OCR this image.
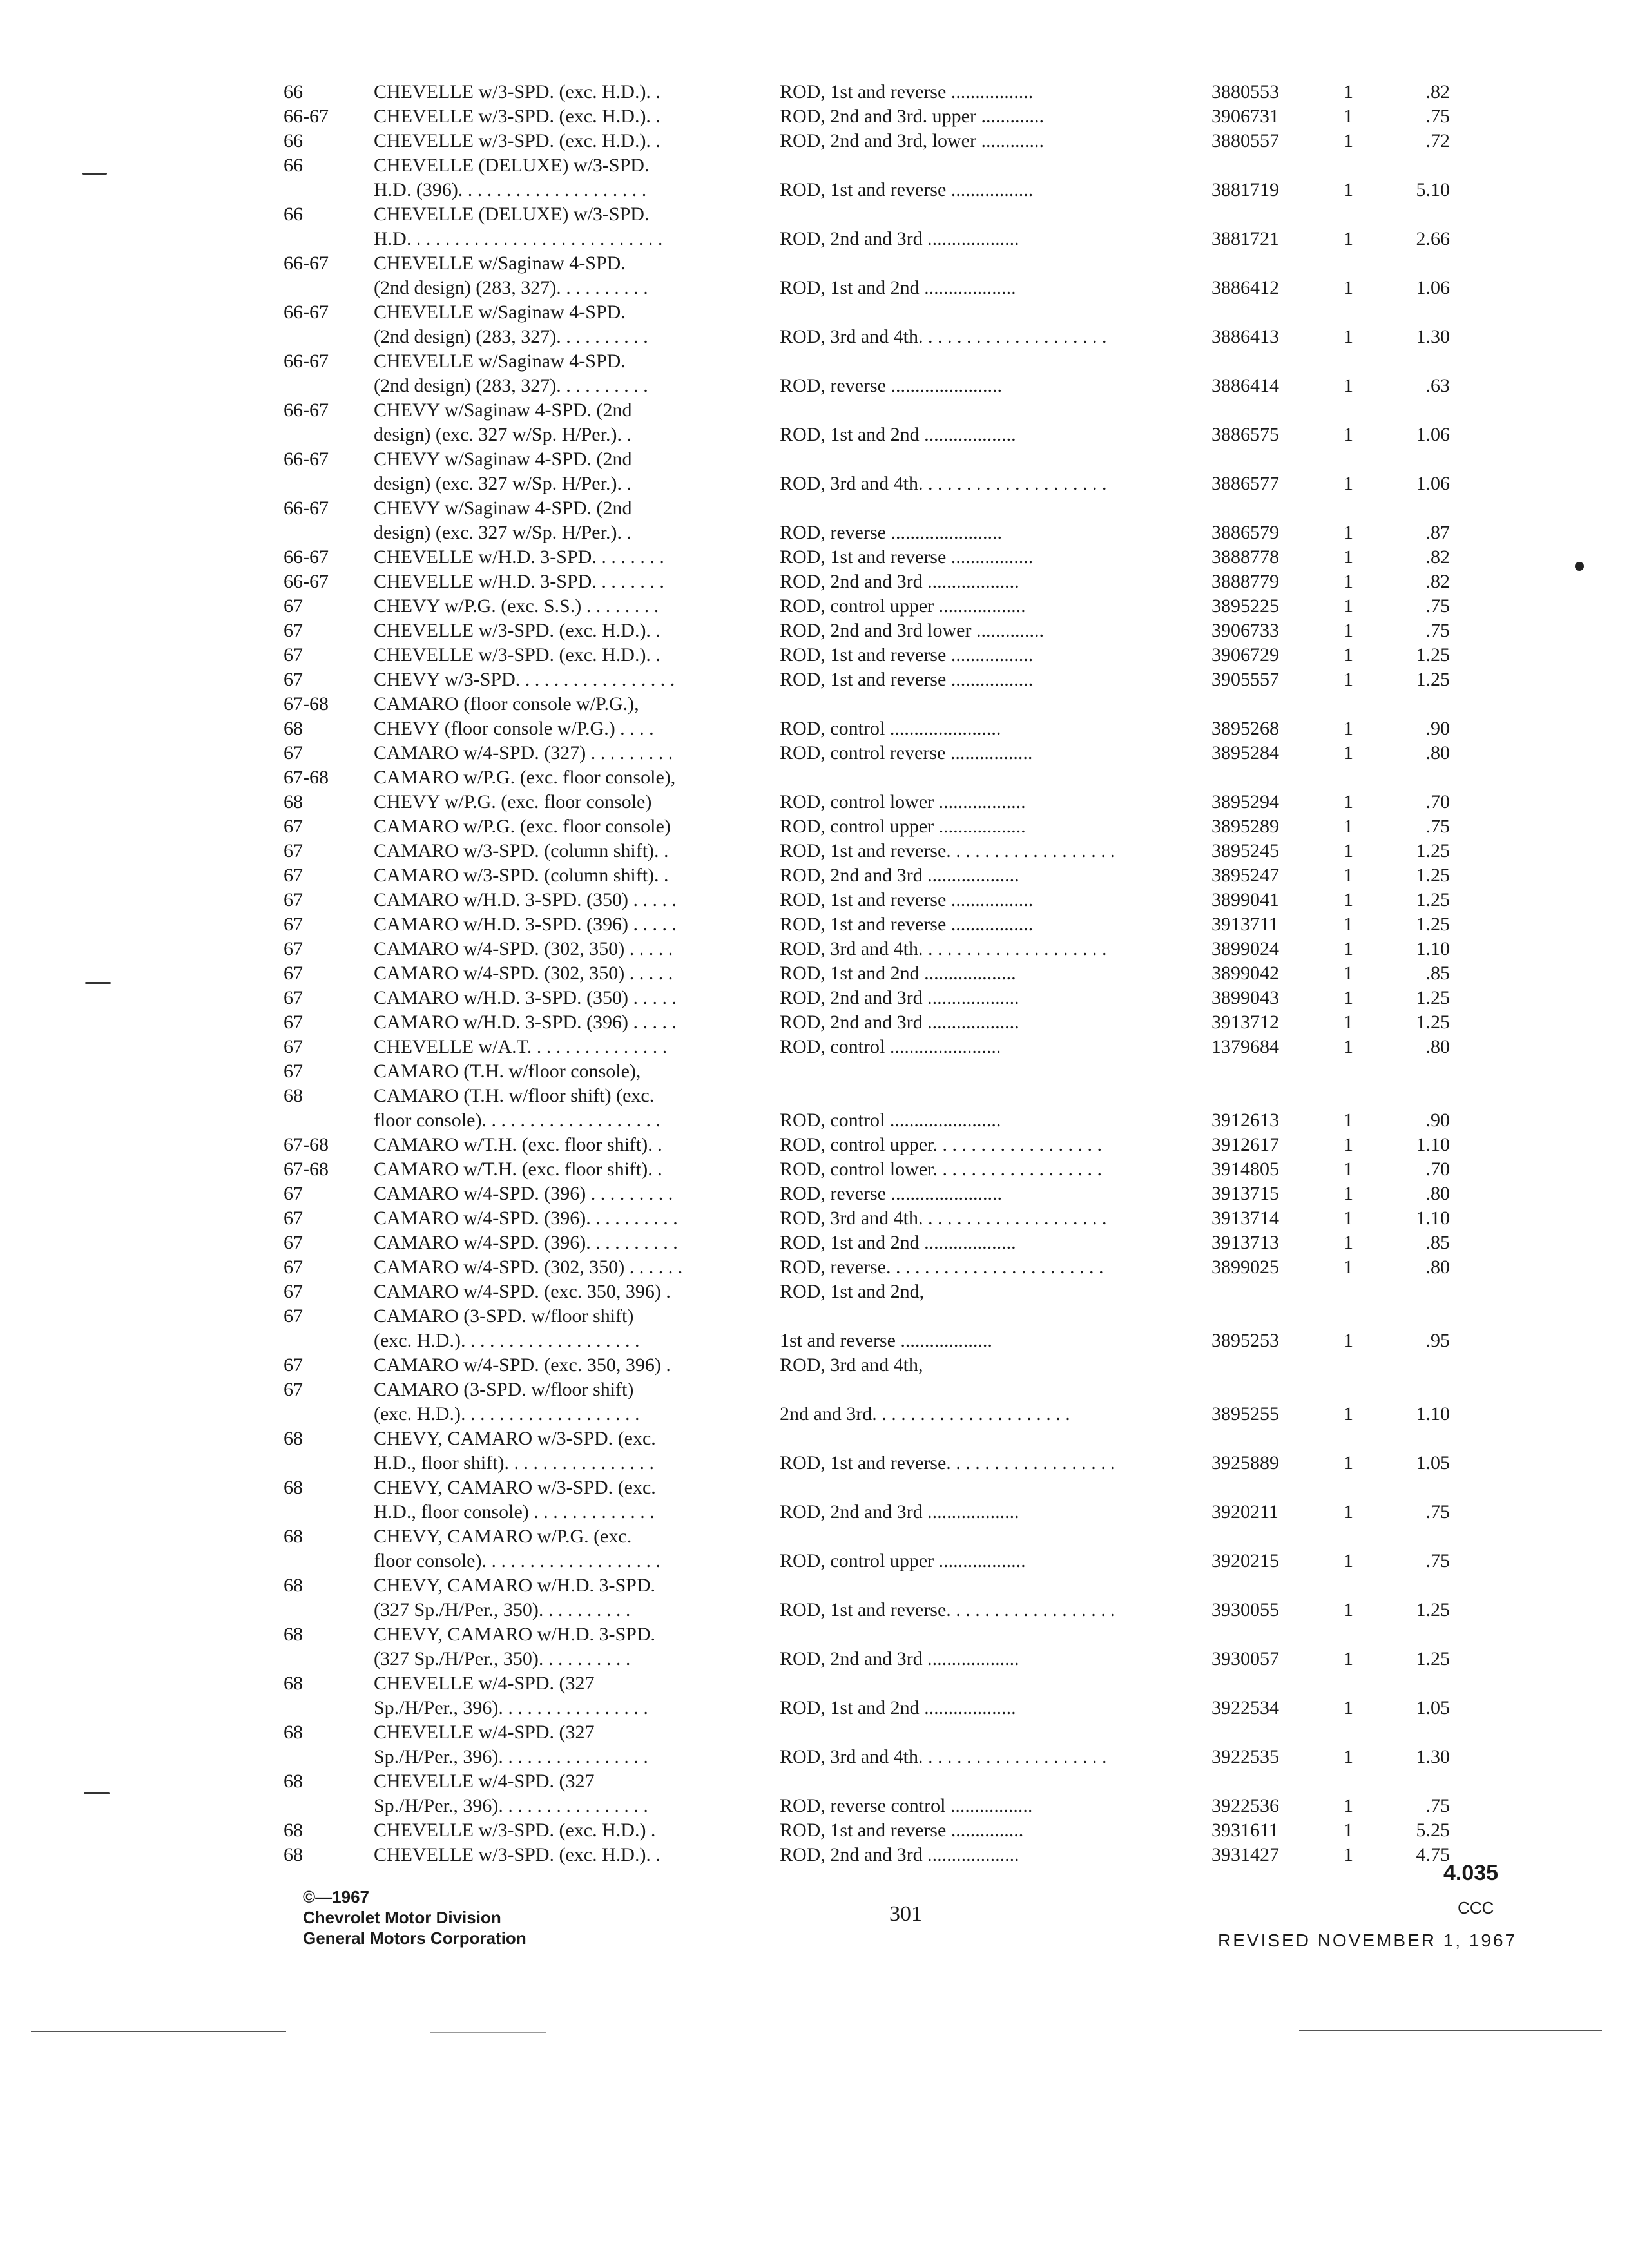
66	CHEVELLE w/3-SPD. (exc. H.D.). .	ROD, 1st and reverse .................	3880553	1	.82
66-67	CHEVELLE w/3-SPD. (exc. H.D.). .	ROD, 2nd and 3rd. upper .............	3906731	1	.75
66	CHEVELLE w/3-SPD. (exc. H.D.). .	ROD, 2nd and 3rd, lower .............	3880557	1	.72
66	CHEVELLE (DELUXE) w/3-SPD.
H.D. (396). . . . . . . . . . . . . . . . . . . .	ROD, 1st and reverse .................	3881719	1	5.10
66	CHEVELLE (DELUXE) w/3-SPD.
H.D. . . . . . . . . . . . . . . . . . . . . . . . . . .	ROD, 2nd and 3rd ...................	3881721	1	2.66
66-67	CHEVELLE w/Saginaw 4-SPD.
(2nd design) (283, 327). . . . . . . . . .	ROD, 1st and 2nd ...................	3886412	1	1.06
66-67	CHEVELLE w/Saginaw 4-SPD.
(2nd design) (283, 327). . . . . . . . . .	ROD, 3rd and 4th. . . . . . . . . . . . . . . . . . . .	3886413	1	1.30
66-67	CHEVELLE w/Saginaw 4-SPD.
(2nd design) (283, 327). . . . . . . . . .	ROD, reverse .......................	3886414	1	.63
66-67	CHEVY w/Saginaw 4-SPD. (2nd
design) (exc. 327 w/Sp. H/Per.). .	ROD, 1st and 2nd ...................	3886575	1	1.06
66-67	CHEVY w/Saginaw 4-SPD. (2nd
design) (exc. 327 w/Sp. H/Per.). .	ROD, 3rd and 4th. . . . . . . . . . . . . . . . . . . .	3886577	1	1.06
66-67	CHEVY w/Saginaw 4-SPD. (2nd
design) (exc. 327 w/Sp. H/Per.). .	ROD, reverse .......................	3886579	1	.87
66-67	CHEVELLE w/H.D. 3-SPD. . . . . . . .	ROD, 1st and reverse .................	3888778	1	.82
66-67	CHEVELLE w/H.D. 3-SPD. . . . . . . .	ROD, 2nd and 3rd ...................	3888779	1	.82
67	CHEVY w/P.G. (exc. S.S.) . . . . . . . .	ROD, control upper ..................	3895225	1	.75
67	CHEVELLE w/3-SPD. (exc. H.D.). .	ROD, 2nd and 3rd lower ..............	3906733	1	.75
67	CHEVELLE w/3-SPD. (exc. H.D.). .	ROD, 1st and reverse .................	3906729	1	1.25
67	CHEVY w/3-SPD. . . . . . . . . . . . . . . . .	ROD, 1st and reverse .................	3905557	1	1.25
67-68	CAMARO (floor console w/P.G.),
68	CHEVY (floor console w/P.G.) . . . .	ROD, control .......................	3895268	1	.90
67	CAMARO w/4-SPD. (327) . . . . . . . . .	ROD, control reverse .................	3895284	1	.80
67-68	CAMARO w/P.G. (exc. floor console),
68	CHEVY w/P.G. (exc. floor console)	ROD, control lower ..................	3895294	1	.70
67	CAMARO w/P.G. (exc. floor console)	ROD, control upper ..................	3895289	1	.75
67	CAMARO w/3-SPD. (column shift). .	ROD, 1st and reverse. . . . . . . . . . . . . . . . . .	3895245	1	1.25
67	CAMARO w/3-SPD. (column shift). .	ROD, 2nd and 3rd ...................	3895247	1	1.25
67	CAMARO w/H.D. 3-SPD. (350) . . . . .	ROD, 1st and reverse .................	3899041	1	1.25
67	CAMARO w/H.D. 3-SPD. (396) . . . . .	ROD, 1st and reverse .................	3913711	1	1.25
67	CAMARO w/4-SPD. (302, 350) . . . . .	ROD, 3rd and 4th. . . . . . . . . . . . . . . . . . . .	3899024	1	1.10
67	CAMARO w/4-SPD. (302, 350) . . . . .	ROD, 1st and 2nd ...................	3899042	1	.85
67	CAMARO w/H.D. 3-SPD. (350) . . . . .	ROD, 2nd and 3rd ...................	3899043	1	1.25
67	CAMARO w/H.D. 3-SPD. (396) . . . . .	ROD, 2nd and 3rd ...................	3913712	1	1.25
67	CHEVELLE w/A.T. . . . . . . . . . . . . . .	ROD, control .......................	1379684	1	.80
67	CAMARO (T.H. w/floor console),
68	CAMARO (T.H. w/floor shift) (exc.
floor console). . . . . . . . . . . . . . . . . . .	ROD, control .......................	3912613	1	.90
67-68	CAMARO w/T.H. (exc. floor shift). .	ROD, control upper. . . . . . . . . . . . . . . . . .	3912617	1	1.10
67-68	CAMARO w/T.H. (exc. floor shift). .	ROD, control lower. . . . . . . . . . . . . . . . . .	3914805	1	.70
67	CAMARO w/4-SPD. (396) . . . . . . . . .	ROD, reverse .......................	3913715	1	.80
67	CAMARO w/4-SPD. (396). . . . . . . . . .	ROD, 3rd and 4th. . . . . . . . . . . . . . . . . . . .	3913714	1	1.10
67	CAMARO w/4-SPD. (396). . . . . . . . . .	ROD, 1st and 2nd ...................	3913713	1	.85
67	CAMARO w/4-SPD. (302, 350) . . . . . .	ROD, reverse. . . . . . . . . . . . . . . . . . . . . . .	3899025	1	.80
67	CAMARO w/4-SPD. (exc. 350, 396) .	ROD, 1st and 2nd,
67	CAMARO (3-SPD. w/floor shift)
(exc. H.D.). . . . . . . . . . . . . . . . . . .	1st and reverse ...................	3895253	1	.95
67	CAMARO w/4-SPD. (exc. 350, 396) .	ROD, 3rd and 4th,
67	CAMARO (3-SPD. w/floor shift)
(exc. H.D.). . . . . . . . . . . . . . . . . . .	2nd and 3rd. . . . . . . . . . . . . . . . . . . . .	3895255	1	1.10
68	CHEVY, CAMARO w/3-SPD. (exc.
H.D., floor shift). . . . . . . . . . . . . . . .	ROD, 1st and reverse. . . . . . . . . . . . . . . . . .	3925889	1	1.05
68	CHEVY, CAMARO w/3-SPD. (exc.
H.D., floor console) . . . . . . . . . . . . .	ROD, 2nd and 3rd ...................	3920211	1	.75
68	CHEVY, CAMARO w/P.G. (exc.
floor console). . . . . . . . . . . . . . . . . . .	ROD, control upper ..................	3920215	1	.75
68	CHEVY, CAMARO w/H.D. 3-SPD.
(327 Sp./H/Per., 350). . . . . . . . . .	ROD, 1st and reverse. . . . . . . . . . . . . . . . . .	3930055	1	1.25
68	CHEVY, CAMARO w/H.D. 3-SPD.
(327 Sp./H/Per., 350). . . . . . . . . .	ROD, 2nd and 3rd ...................	3930057	1	1.25
68	CHEVELLE w/4-SPD. (327
Sp./H/Per., 396). . . . . . . . . . . . . . . .	ROD, 1st and 2nd ...................	3922534	1	1.05
68	CHEVELLE w/4-SPD. (327
Sp./H/Per., 396). . . . . . . . . . . . . . . .	ROD, 3rd and 4th. . . . . . . . . . . . . . . . . . . .	3922535	1	1.30
68	CHEVELLE w/4-SPD. (327
Sp./H/Per., 396). . . . . . . . . . . . . . . .	ROD, reverse control .................	3922536	1	.75
68	CHEVELLE w/3-SPD. (exc. H.D.) .	ROD, 1st and reverse ...............	3931611	1	5.25
68	CHEVELLE w/3-SPD. (exc. H.D.). .	ROD, 2nd and 3rd ...................	3931427	1	4.75
©—1967
Chevrolet Motor Division
General Motors Corporation
301
4.035
CCC
REVISED NOVEMBER 1, 1967
